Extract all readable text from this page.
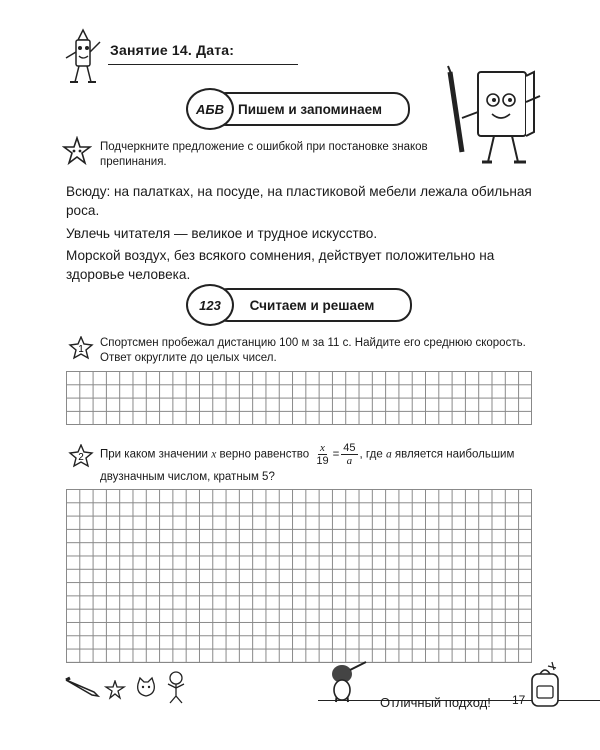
Занятие 14. Дата:
Пишем и запоминаем
АБВ
Подчеркните предложение с ошибкой при постановке знаков препинания.
Всюду: на палатках, на посуде, на пластиковой мебели лежала обильная роса.
Увлечь читателя — великое и трудное искусство.
Морской воздух, без всякого сомнения, действует положительно на здоровье человека.
Считаем и решаем
123
1
Спортсмен пробежал дистанцию 100 м за 11 с. Найдите его среднюю скорость. Ответ округлите до целых чисел.
2 При каком значении x верно равенство $\frac{x}{19} = \frac{45}{a}$ , где a является наибольшим двузначным числом, кратным 5?
Отличный подход! 17
